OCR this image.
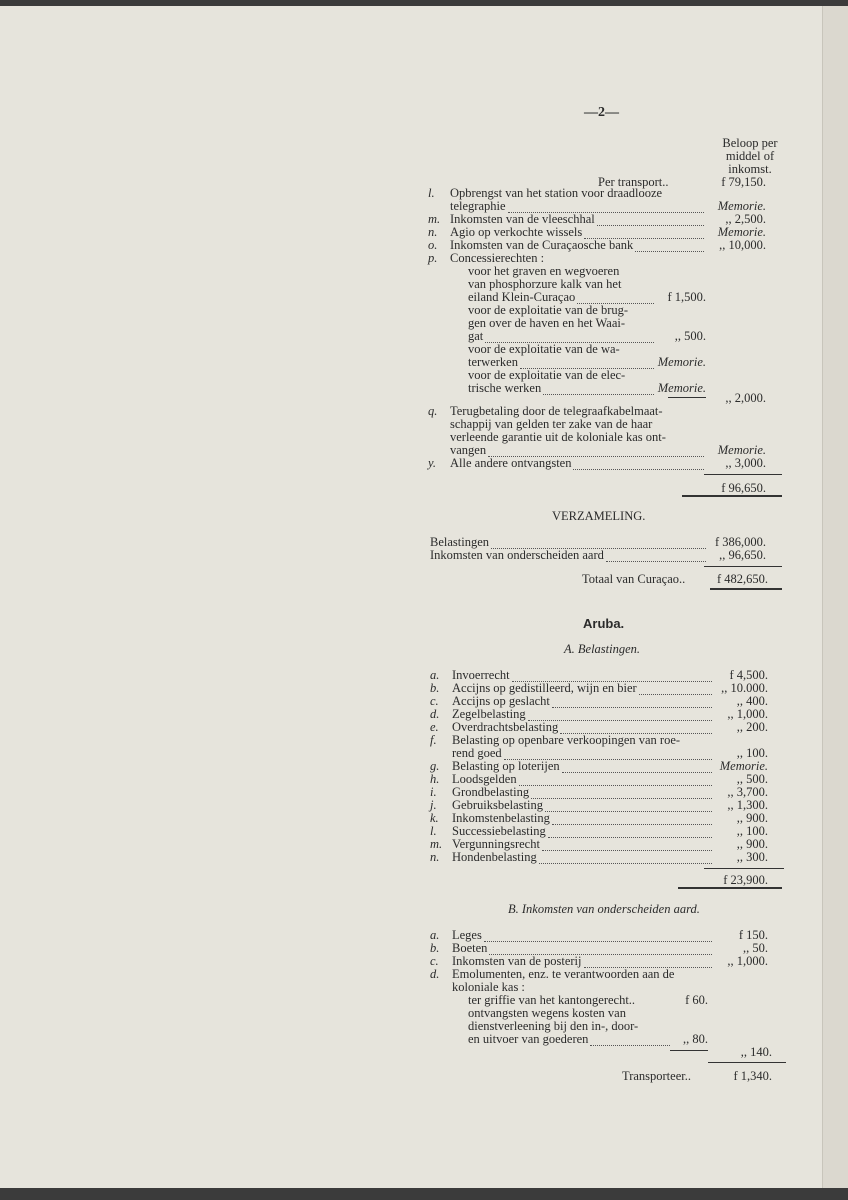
—2—
Beloop per middel of inkomst.
Per transport..	f 79,150.
l. Opbrengst van het station voor draadlooze
telegraphie	Memorie.
m. Inkomsten van de vleeschhal	,, 2,500.
n.	Agio op verkochte wissels	Memorie.
o.	Inkomsten van de Curaçaosche bank	,, 10,000.
p.	Concessierechten :
voor het graven en wegvoeren
van phosphorzure kalk van het
eiland Klein-Curaçao	f 1,500.
voor de exploitatie van de brug-
gen over de haven en het Waai-
gat	,, 500.
voor de exploitatie van de wa-
terwerken	Memorie.
voor de exploitatie van de elec-
trische werken	Memorie.
,, 2,000.
q. Terugbetaling door de telegraafkabelmaat-
schappij van gelden ter zake van de haar
verleende garantie uit de koloniale kas ont-
vangen	Memorie.
y.	Alle andere ontvangsten	,, 3,000.
f 96,650.
VERZAMELING.
Belastingen	f 386,000.
Inkomsten van onderscheiden aard	,, 96,650.
Totaal van Curaçao..	f 482,650.
Aruba.
A. Belastingen.
a.	Invoerrecht	f 4,500.
b.	Accijns op gedistilleerd, wijn en bier	,, 10.000.
c.	Accijns op geslacht	,, 400.
d.	Zegelbelasting	,, 1,000.
e.	Overdrachtsbelasting	,, 200.
f. Belasting op openbare verkoopingen van roe-
rend goed	,, 100.
g.	Belasting op loterijen	Memorie.
h.	Loodsgelden	,, 500.
i.	Grondbelasting	,, 3,700.
j.	Gebruiksbelasting	,, 1,300.
k.	Inkomstenbelasting	,, 900.
l.	Successiebelasting	,, 100.
m. Vergunningsrecht	,, 900.
n.	Hondenbelasting	,, 300.
f 23,900.
B. Inkomsten van onderscheiden aard.
a.	Leges	f 150.
b.	Boeten	,, 50.
c.	Inkomsten van de posterij	,, 1,000.
d. Emolumenten, enz. te verantwoorden aan de
koloniale kas :
ter griffie van het kantongerecht..	f 60.
ontvangsten wegens kosten van
dienstverleening bij den in-, door-
en uitvoer van goederen	,, 80.
,, 140.
Transporteer..	f 1,340.
